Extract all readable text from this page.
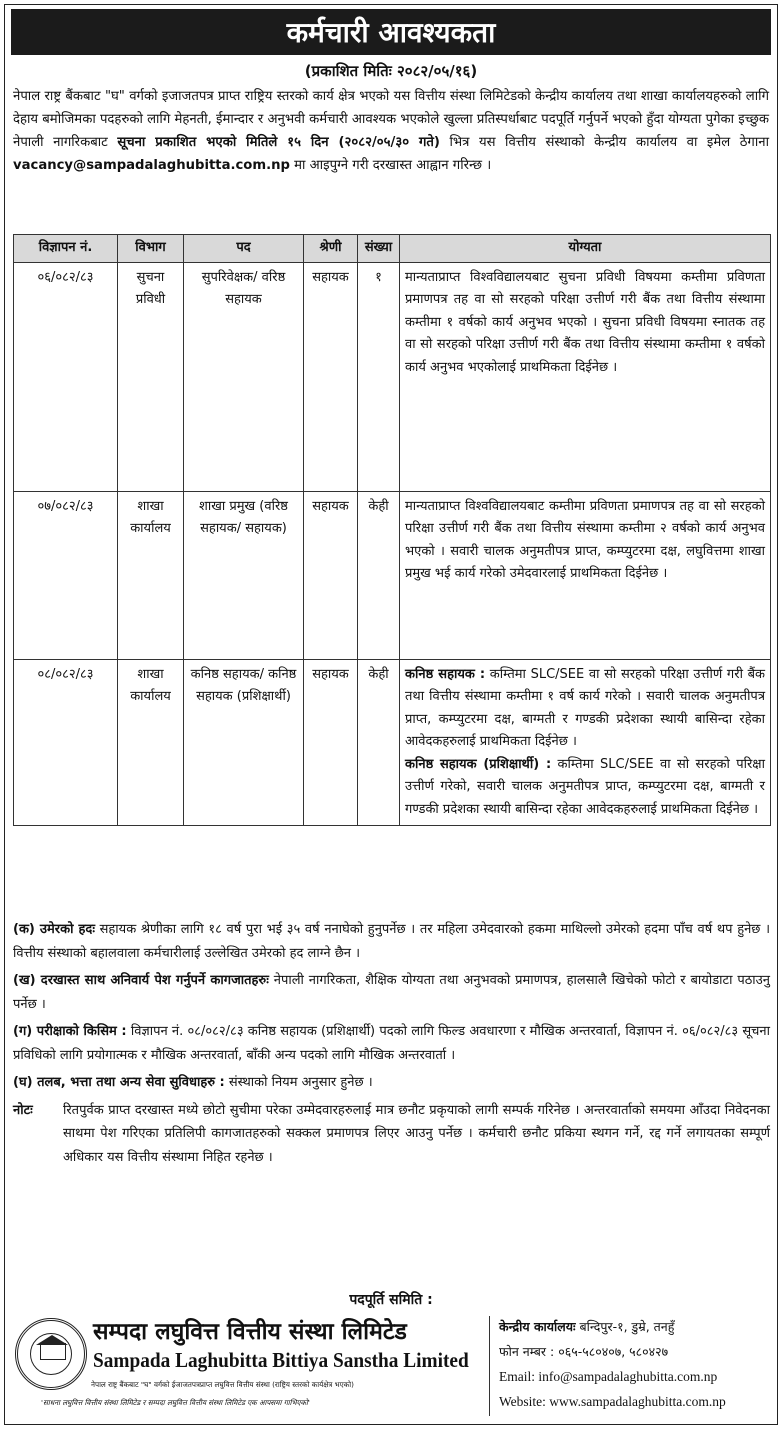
कर्मचारी आवश्यकता
(प्रकाशित मितिः २०८२/०५/१६)
नेपाल राष्ट्र बैंकबाट "घ" वर्गको इजाजतपत्र प्राप्त राष्ट्रिय स्तरको कार्य क्षेत्र भएको यस वित्तीय संस्था लिमिटेडको केन्द्रीय कार्यालय तथा शाखा कार्यालयहरुको लागि देहाय बमोजिमका पदहरुको लागि मेहनती, ईमान्दार र अनुभवी कर्मचारी आवश्यक भएकोले खुल्ला प्रतिस्पर्धाबाट पदपूर्ति गर्नुपर्ने भएको हुँदा योग्यता पुगेका इच्छुक नेपाली नागरिकबाट सूचना प्रकाशित भएको मितिले १५ दिन (२०८२/०५/३० गते) भित्र यस वित्तीय संस्थाको केन्द्रीय कार्यालय वा इमेल ठेगाना vacancy@sampadalaghubitta.com.np मा आइपुग्ने गरी दरखास्त आह्वान गरिन्छ ।
विज्ञापन नं.	विभाग	पद	श्रेणी	संख्या	योग्यता
०६/०८२/८३	सुचना प्रविधी	सुपरिवेक्षक/ वरिष्ठ सहायक	सहायक	१	मान्यताप्राप्त विश्वविद्यालयबाट सुचना प्रविधी विषयमा कम्तीमा प्रविणता प्रमाणपत्र तह वा सो सरहको परिक्षा उत्तीर्ण गरी बैंक तथा वित्तीय संस्थामा कम्तीमा १ वर्षको कार्य अनुभव भएको । सुचना प्रविधी विषयमा स्नातक तह वा सो सरहको परिक्षा उत्तीर्ण गरी बैंक तथा वित्तीय संस्थामा कम्तीमा १ वर्षको कार्य अनुभव भएकोलाई प्राथमिकता दिईनेछ ।
०७/०८२/८३	शाखा कार्यालय	शाखा प्रमुख (वरिष्ठ सहायक/ सहायक)	सहायक	केही	मान्यताप्राप्त विश्वविद्यालयबाट कम्तीमा प्रविणता प्रमाणपत्र तह वा सो सरहको परिक्षा उत्तीर्ण गरी बैंक तथा वित्तीय संस्थामा कम्तीमा २ वर्षको कार्य अनुभव भएको । सवारी चालक अनुमतीपत्र प्राप्त, कम्प्युटरमा दक्ष, लघुवित्तमा शाखा प्रमुख भई कार्य गरेको उमेदवारलाई प्राथमिकता दिईनेछ ।
०८/०८२/८३	शाखा कार्यालय	कनिष्ठ सहायक/ कनिष्ठ सहायक (प्रशिक्षार्थी)	सहायक	केही	कनिष्ठ सहायक : कम्तिमा SLC/SEE वा सो सरहको परिक्षा उत्तीर्ण गरी बैंक तथा वित्तीय संस्थामा कम्तीमा १ वर्ष कार्य गरेको । सवारी चालक अनुमतीपत्र प्राप्त, कम्प्युटरमा दक्ष, बाग्मती र गण्डकी प्रदेशका स्थायी बासिन्दा रहेका आवेदकहरुलाई प्राथमिकता दिईनेछ ।
कनिष्ठ सहायक (प्रशिक्षार्थी) : कम्तिमा SLC/SEE वा सो सरहको परिक्षा उत्तीर्ण गरेको, सवारी चालक अनुमतीपत्र प्राप्त, कम्प्युटरमा दक्ष, बाग्मती र गण्डकी प्रदेशका स्थायी बासिन्दा रहेका आवेदकहरुलाई प्राथमिकता दिईनेछ ।

(क) उमेरको हदः सहायक श्रेणीका लागि १८ वर्ष पुरा भई ३५ वर्ष ननाघेको हुनुपर्नेछ । तर महिला उमेदवारको हकमा माथिल्लो उमेरको हदमा पाँच वर्ष थप हुनेछ । वित्तीय संस्थाको बहालवाला कर्मचारीलाई उल्लेखित उमेरको हद लाग्ने छैन ।

(ख) दरखास्त साथ अनिवार्य पेश गर्नुपर्ने कागजातहरुः नेपाली नागरिकता, शैक्षिक योग्यता तथा अनुभवको प्रमाणपत्र, हालसालै खिचेको फोटो र बायोडाटा पठाउनु पर्नेछ ।

(ग) परीक्षाको किसिम : विज्ञापन नं. ०८/०८२/८३ कनिष्ठ सहायक (प्रशिक्षार्थी) पदको लागि फिल्ड अवधारणा र मौखिक अन्तरवार्ता, विज्ञापन नं. ०६/०८२/८३ सूचना प्रविधिको लागि प्रयोगात्मक र मौखिक अन्तरवार्ता, बाँकी अन्य पदको लागि मौखिक अन्तरवार्ता ।

(घ) तलब, भत्ता तथा अन्य सेवा सुविधाहरु : संस्थाको नियम अनुसार हुनेछ ।

नोटः	रितपुर्वक प्राप्त दरखास्त मध्ये छोटो सुचीमा परेका उम्मेदवारहरुलाई मात्र छनौट प्रकृयाको लागी सम्पर्क गरिनेछ । अन्तरवार्ताको समयमा आँउदा निवेदनका साथमा पेश गरिएका प्रतिलिपी कागजातहरुको सक्कल प्रमाणपत्र लिएर आउनु पर्नेछ । कर्मचारी छनौट प्रकिया स्थगन गर्ने, रद्द गर्ने लगायतका सम्पूर्ण अधिकार यस वित्तीय संस्थामा निहित रहनेछ ।
पदपूर्ति समिति :
सम्पदा लघुवित्त वित्तीय संस्था लिमिटेड
Sampada Laghubitta Bittiya Sanstha Limited
नेपाल राष्ट्र बैंकबाट "घ" वर्गको ईजाजतपत्रप्राप्त लघुवित्त वित्तीय संस्था (राष्ट्रिय स्तरको कार्यक्षेत्र भएको)
'साधना लघुवित्त वित्तीय संस्था लिमिटेड र सम्पदा लघुवित्त वित्तीय संस्था लिमिटेड एक आपसमा गाभिएको'
केन्द्रीय कार्यालयः बन्दिपुर-१, डुम्रे, तनहुँ
फोन नम्बर : ०६५-५८०४०७, ५८०४२७
Email: info@sampadalaghubitta.com.np
Website: www.sampadalaghubitta.com.np
